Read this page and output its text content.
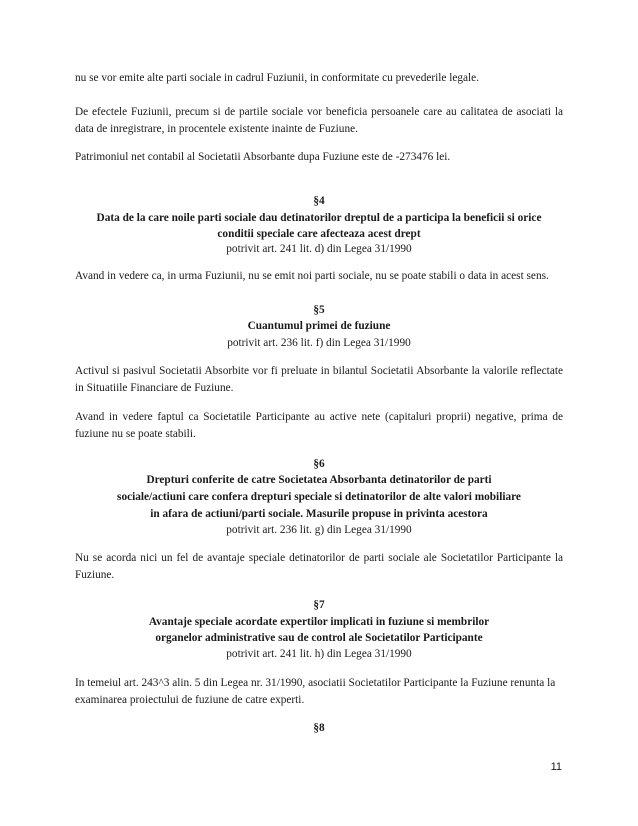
nu se vor emite alte parti sociale in cadrul Fuziunii, in conformitate cu prevederile legale.

De efectele Fuziunii, precum si de partile sociale vor beneficia persoanele care au calitatea de asociati la data de inregistrare, in procentele existente inainte de Fuziune.

Patrimoniul net contabil al Societatii Absorbante dupa Fuziune este de -273476 lei.

§4

Data de la care noile parti sociale dau detinatorilor dreptul de a participa la beneficii si orice

conditii speciale care afecteaza acest drept

potrivit art. 241 lit. d) din Legea 31/1990

Avand in vedere ca, in urma Fuziunii, nu se emit noi parti sociale, nu se poate stabili o data in acest sens.

§5

Cuantumul primei de fuziune

potrivit art. 236 lit. f) din Legea 31/1990

Activul si pasivul Societatii Absorbite vor fi preluate in bilantul Societatii Absorbante la valorile reflectate in Situatiile Financiare de Fuziune.

Avand in vedere faptul ca Societatile Participante au active nete (capitaluri proprii) negative, prima de fuziune nu se poate stabili.

§6

Drepturi conferite de catre Societatea Absorbanta detinatorilor de parti

sociale/actiuni care confera drepturi speciale si detinatorilor de alte valori mobiliare

in afara de actiuni/parti sociale. Masurile propuse in privinta acestora

potrivit art. 236 lit. g) din Legea 31/1990

Nu se acorda nici un fel de avantaje speciale detinatorilor de parti sociale ale Societatilor Participante la Fuziune.

§7

Avantaje speciale acordate expertilor implicati in fuziune si membrilor

organelor administrative sau de control ale Societatilor Participante

potrivit art. 241 lit. h) din Legea 31/1990

In temeiul art. 243^3 alin. 5 din Legea nr. 31/1990, asociatii Societatilor Participante la Fuziune renunta la examinarea proiectului de fuziune de catre experti.

§8

11
